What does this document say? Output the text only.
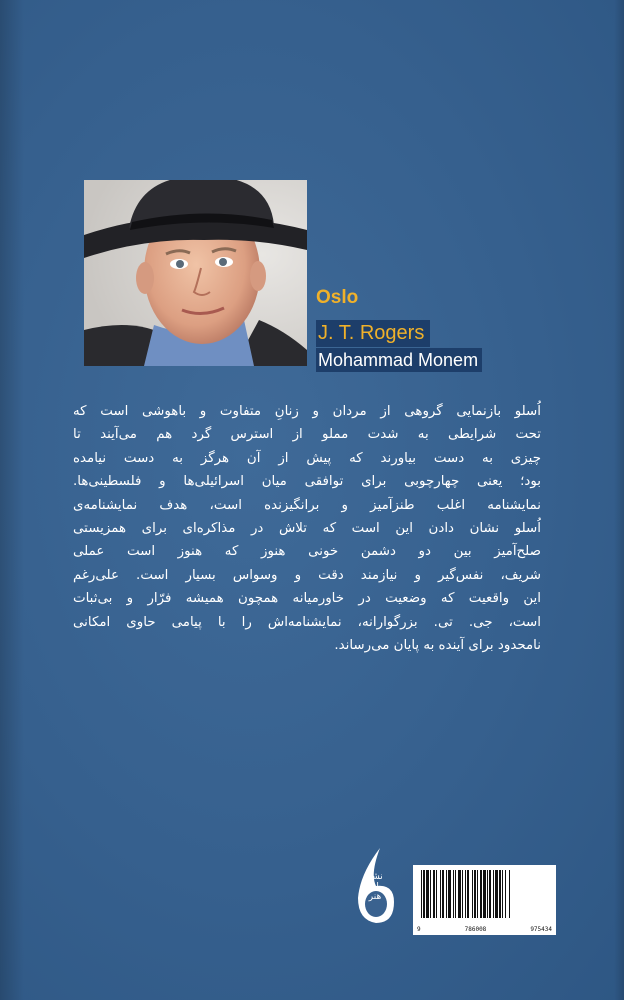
Oslo
J. T. Rogers
Mohammad Monem
اُسلو بازنمایی گروهی از مردان و زنانِ متفاوت و باهوشی است که
تحت شرایطی به شدت مملو از استرس گرد هم می‌آیند تا
چیزی به دست بیاورند که پیش از آن هرگز به دست نیامده
بود؛ یعنی چهارچوبی برای توافقی میان اسرائیلی‌ها و فلسطینی‌ها.
نمایشنامه اغلب طنزآمیز و برانگیزنده است، هدف نمایشنامه‌ی
اُسلو نشان دادن این است که تلاش در مذاکره‌ای برای همزیستی
صلح‌آمیز بین دو دشمن خونی هنوز که هنوز است عملی
شریف، نفس‌گیر و نیازمند دقت و وسواس بسیار است. علی‌رغم
این واقعیت که وضعیت در خاورمیانه همچون همیشه فرّار و بی‌ثبات
است، جی. تی. بزرگوارانه، نمایشنامه‌اش را با پیامی حاوی امکانی
نامحدود برای آینده به پایان می‌رساند.
نشر
ماهنا
هنر
9	786008	975434
